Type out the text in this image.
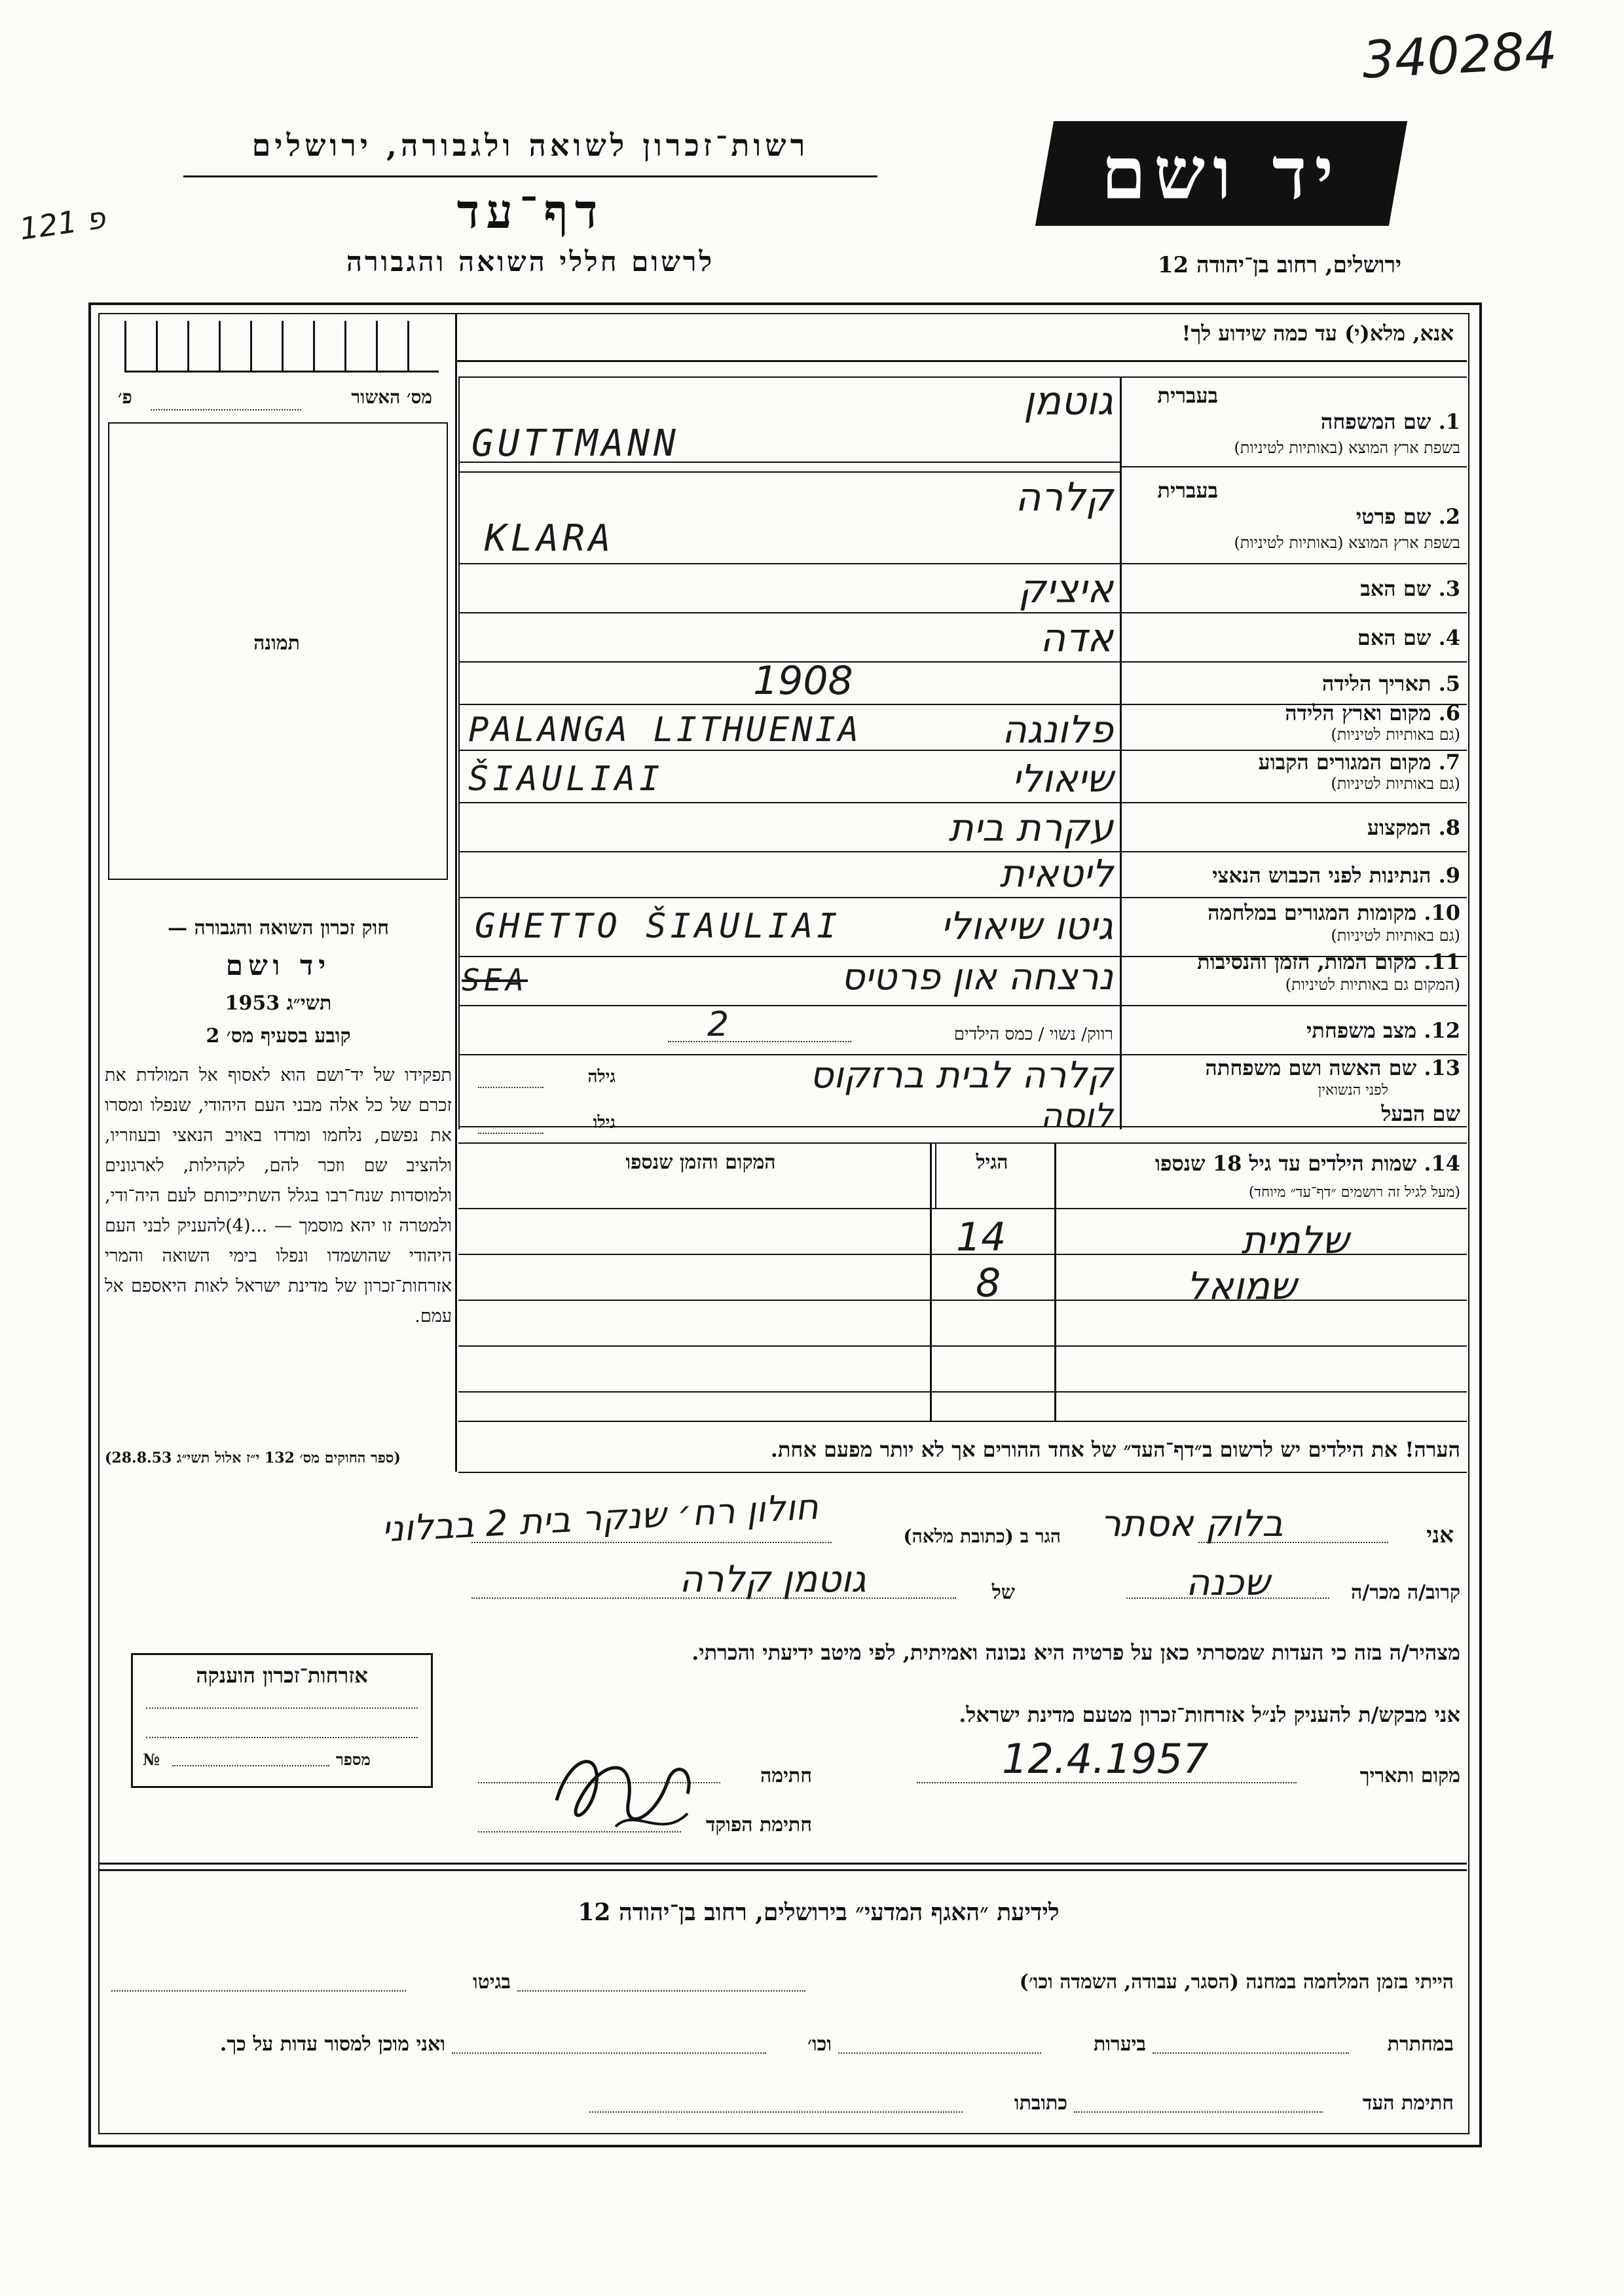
340284
פ 121
רשות־זכרון לשואה ולגבורה, ירושלים
דף־עד
לרשום חללי השואה והגבורה
יד ושם
ירושלים, רחוב בן־יהודה 12
מס׳ האשור
פ׳
תמונה
חוק זכרון השואה והגבורה —
יד ושם
1953 תשי״ג
קובע בסעיף מס׳ 2
תפקידו של יד־ושם הוא לאסוף אל המולדת את זכרם של כל אלה מבני העם היהודי, שנפלו ומסרו את נפשם, נלחמו ומרדו באויב הנאצי ובעוזריו, ולהציב שם וזכר להם, לקהילות, לארגונים ולמוסדות שנח־רבו בגלל השתייכותם לעם היה־ודי, ולמטרה זו יהא מוסמך — ...(4)להעניק לבני העם היהודי שהושמדו ונפלו בימי השואה והמרי אזרחות־זכרון של מדינת ישראל לאות היאספם אל עמם.
(ספר החוקים מס׳ 132 י״ז אלול תשי״ג 28.8.53)
אזרחות־זכרון הוענקה
№	מספר
אנא, מלא(י) עד כמה שידוע לך!
בעברית
1. שם המשפחה
בשפת ארץ המוצא (באותיות לטיניות)
גוטמן
GUTTMANN
בעברית
2. שם פרטי
בשפת ארץ המוצא (באותיות לטיניות)
קלרה
KLARA
3. שם האב
איציק
4. שם האם
אדה
5. תאריך הלידה
1908
6. מקום וארץ הלידה
(גם באותיות לטיניות)
פלונגה
PALANGA LITHUENIA
7. מקום המגורים הקבוע
(גם באותיות לטיניות)
שיאולי
ŠIAULIAI
8. המקצוע
עקרת בית
9. הנתינות לפני הכבוש הנאצי
ליטאית
10. מקומות המגורים במלחמה
(גם באותיות לטיניות)
גיטו שיאולי
GHETTO ŠIAULIAI
11. מקום המות, הזמן והנסיבות
(המקום גם באותיות לטיניות)
נרצחה און פרטיס
SEA
12. מצב משפחתי
רווק/ נשוי / כמס הילדים
2
13. שם האשה ושם משפחתה
לפני הנשואין
גילה	קלרה לבית ברזקוס
שם הבעל
גילו	לוסה
14. שמות הילדים עד גיל 18 שנספו
(מעל לגיל זה רושמים ״דף־עד״ מיוחד)
הגיל
המקום והזמן שנספו
שלמית
14
שמואל
8
הערה! את הילדים יש לרשום ב״דף־העד״ של אחד ההורים אך לא יותר מפעם אחת.
אני
בלוק אסתר
הגר ב (כתובת מלאה)
חולון רח׳ שנקר בית 2 בבלוני
קרוב/ה מכר/ה
שכנה
של
גוטמן קלרה
מצהיר/ה בזה כי העדות שמסרתי כאן על פרטיה היא נכונה ואמיתית, לפי מיטב ידיעתי והכרתי.
אני מבקש/ת להעניק לנ״ל אזרחות־זכרון מטעם מדינת ישראל.
מקום ותאריך
12.4.1957
חתימה
חתימת הפוקד
לידיעת ״האגף המדעי״ בירושלים, רחוב בן־יהודה 12
הייתי בזמן המלחמה במחנה (הסגר, עבודה, השמדה וכו׳)
בגיטו
במחתרת
ביערות
וכו׳
ואני מוכן למסור עדות על כך.
חתימת העד
כתובתו
